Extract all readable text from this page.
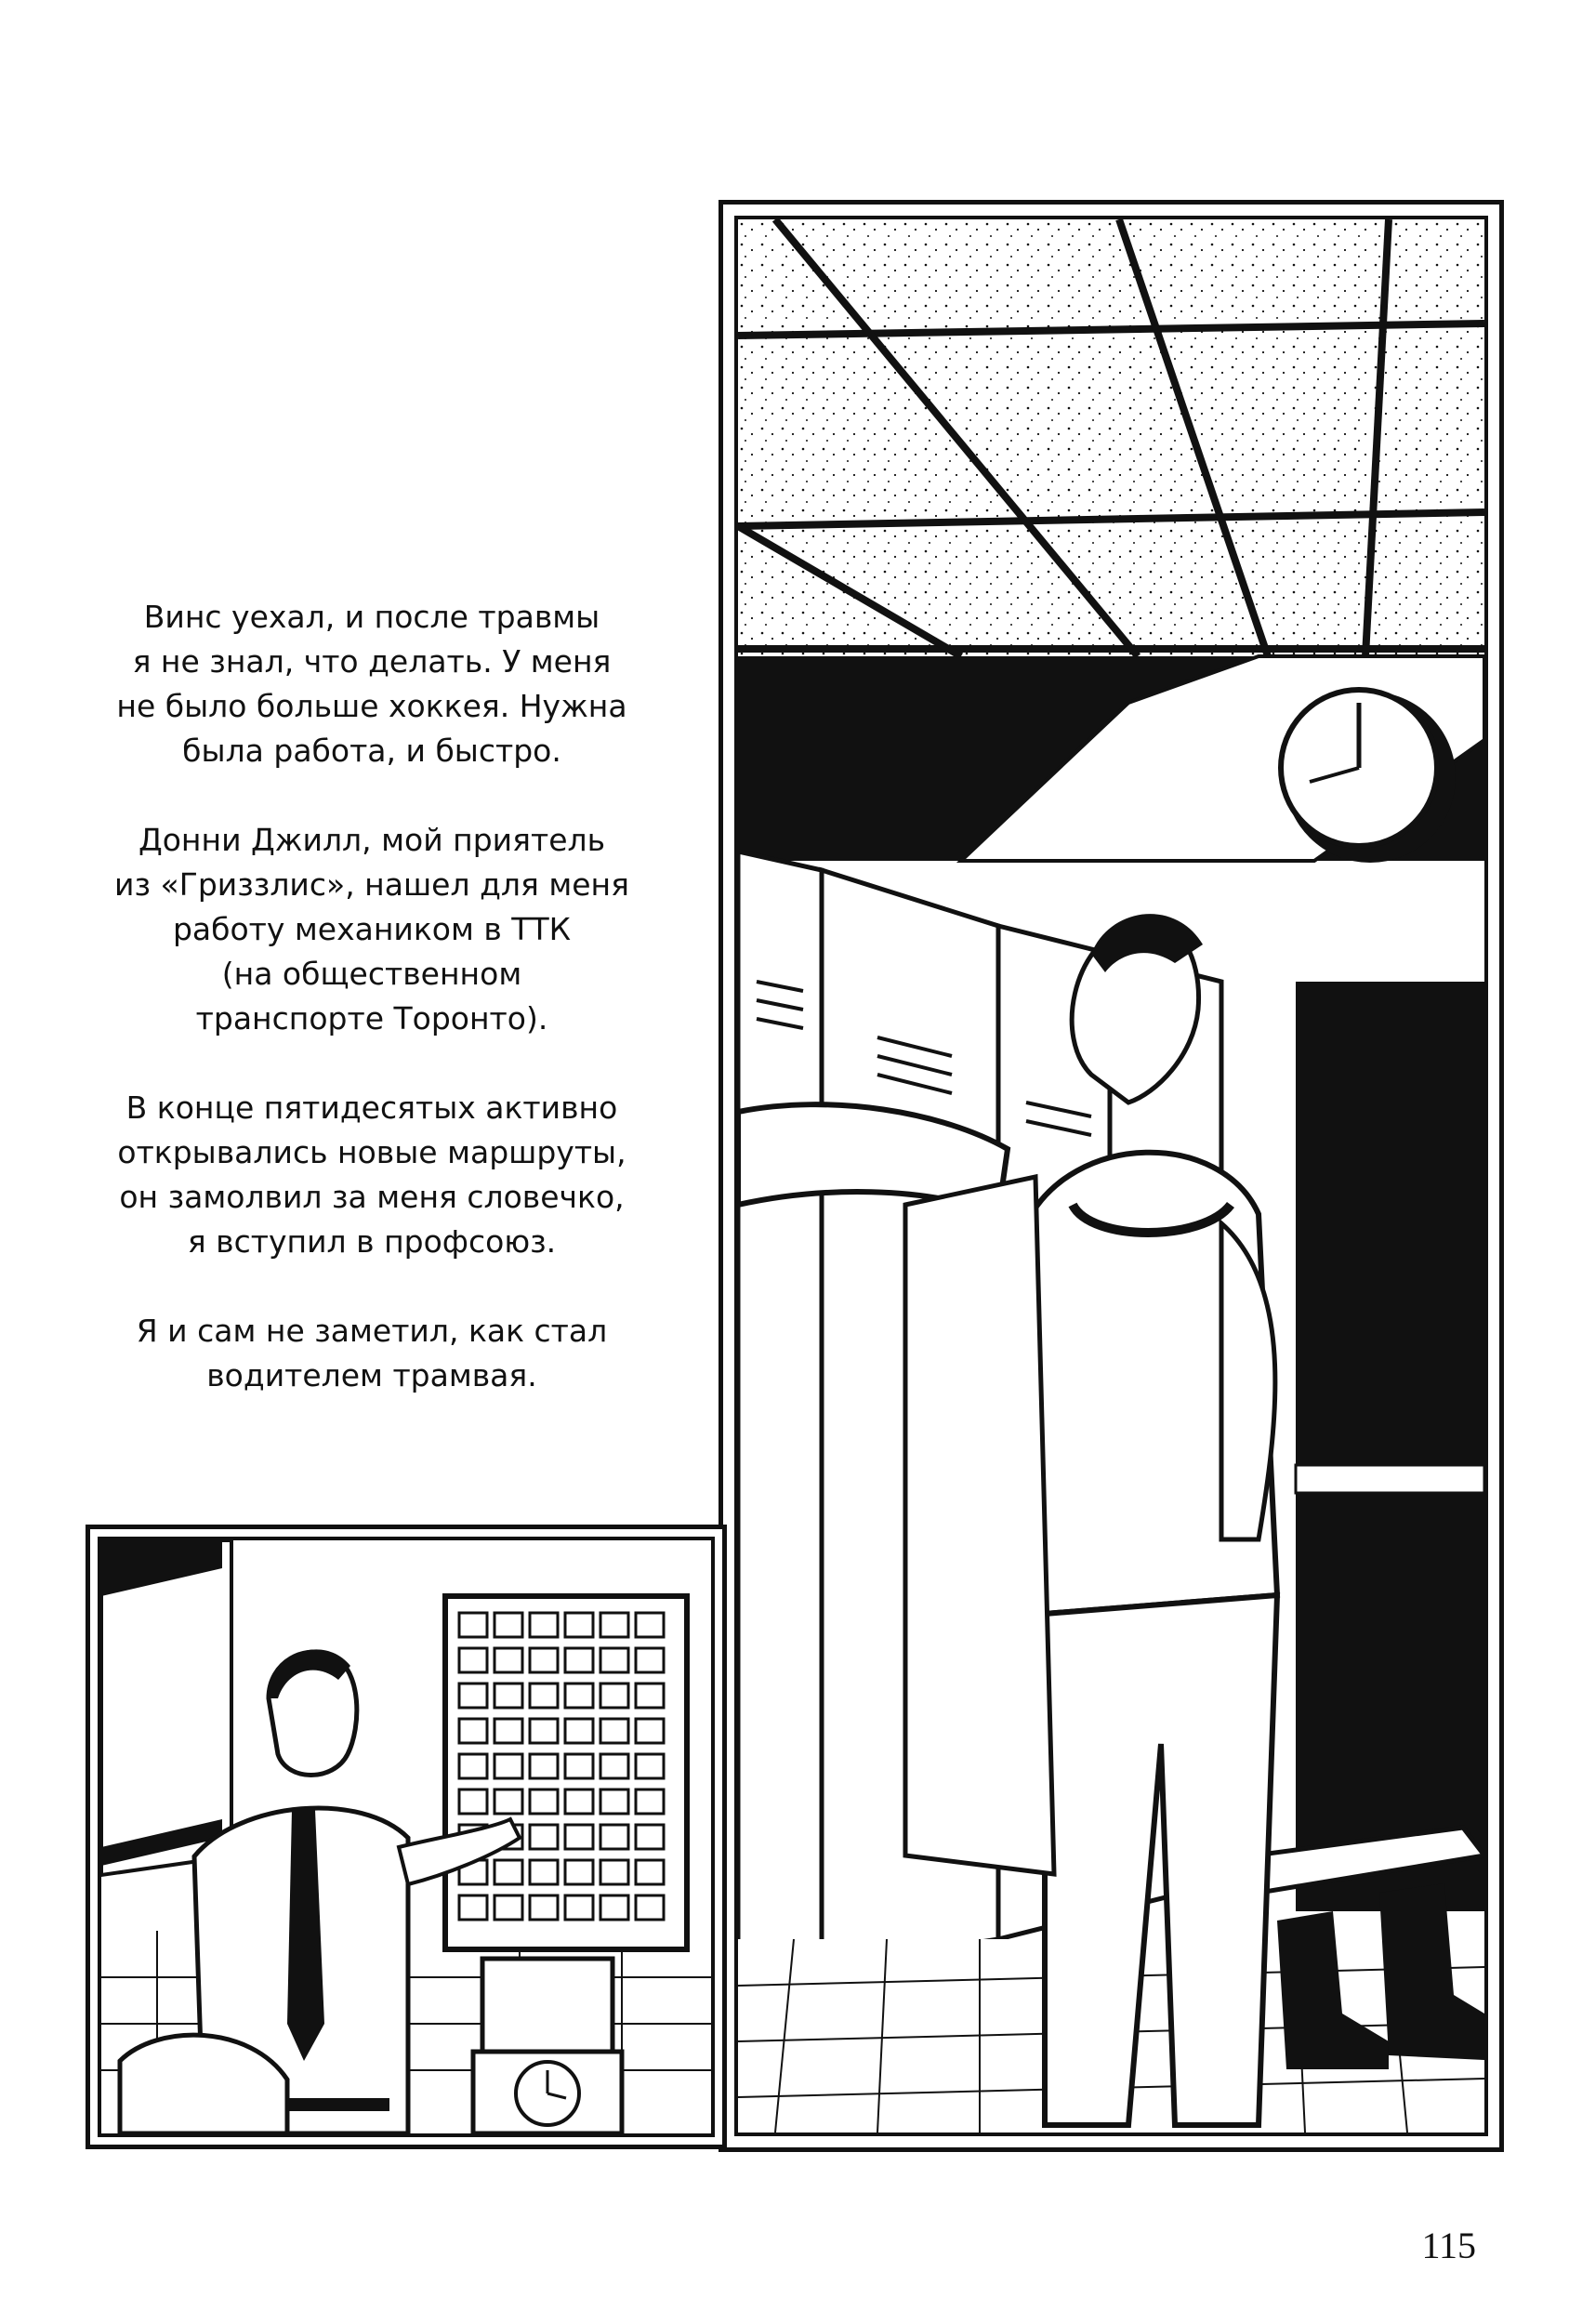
Винс уехал, и после травмы
я не знал, что делать. У меня
не было больше хоккея. Нужна
была работа, и быстро.

Донни Джилл, мой приятель
из «Гриззлис», нашел для меня
работу механиком в ТТК
(на общественном
транспорте Торонто).

В конце пятидесятых активно
открывались новые маршруты,
он замолвил за меня словечко,
я вступил в профсоюз.

Я и сам не заметил, как стал
водителем трамвая.

115
